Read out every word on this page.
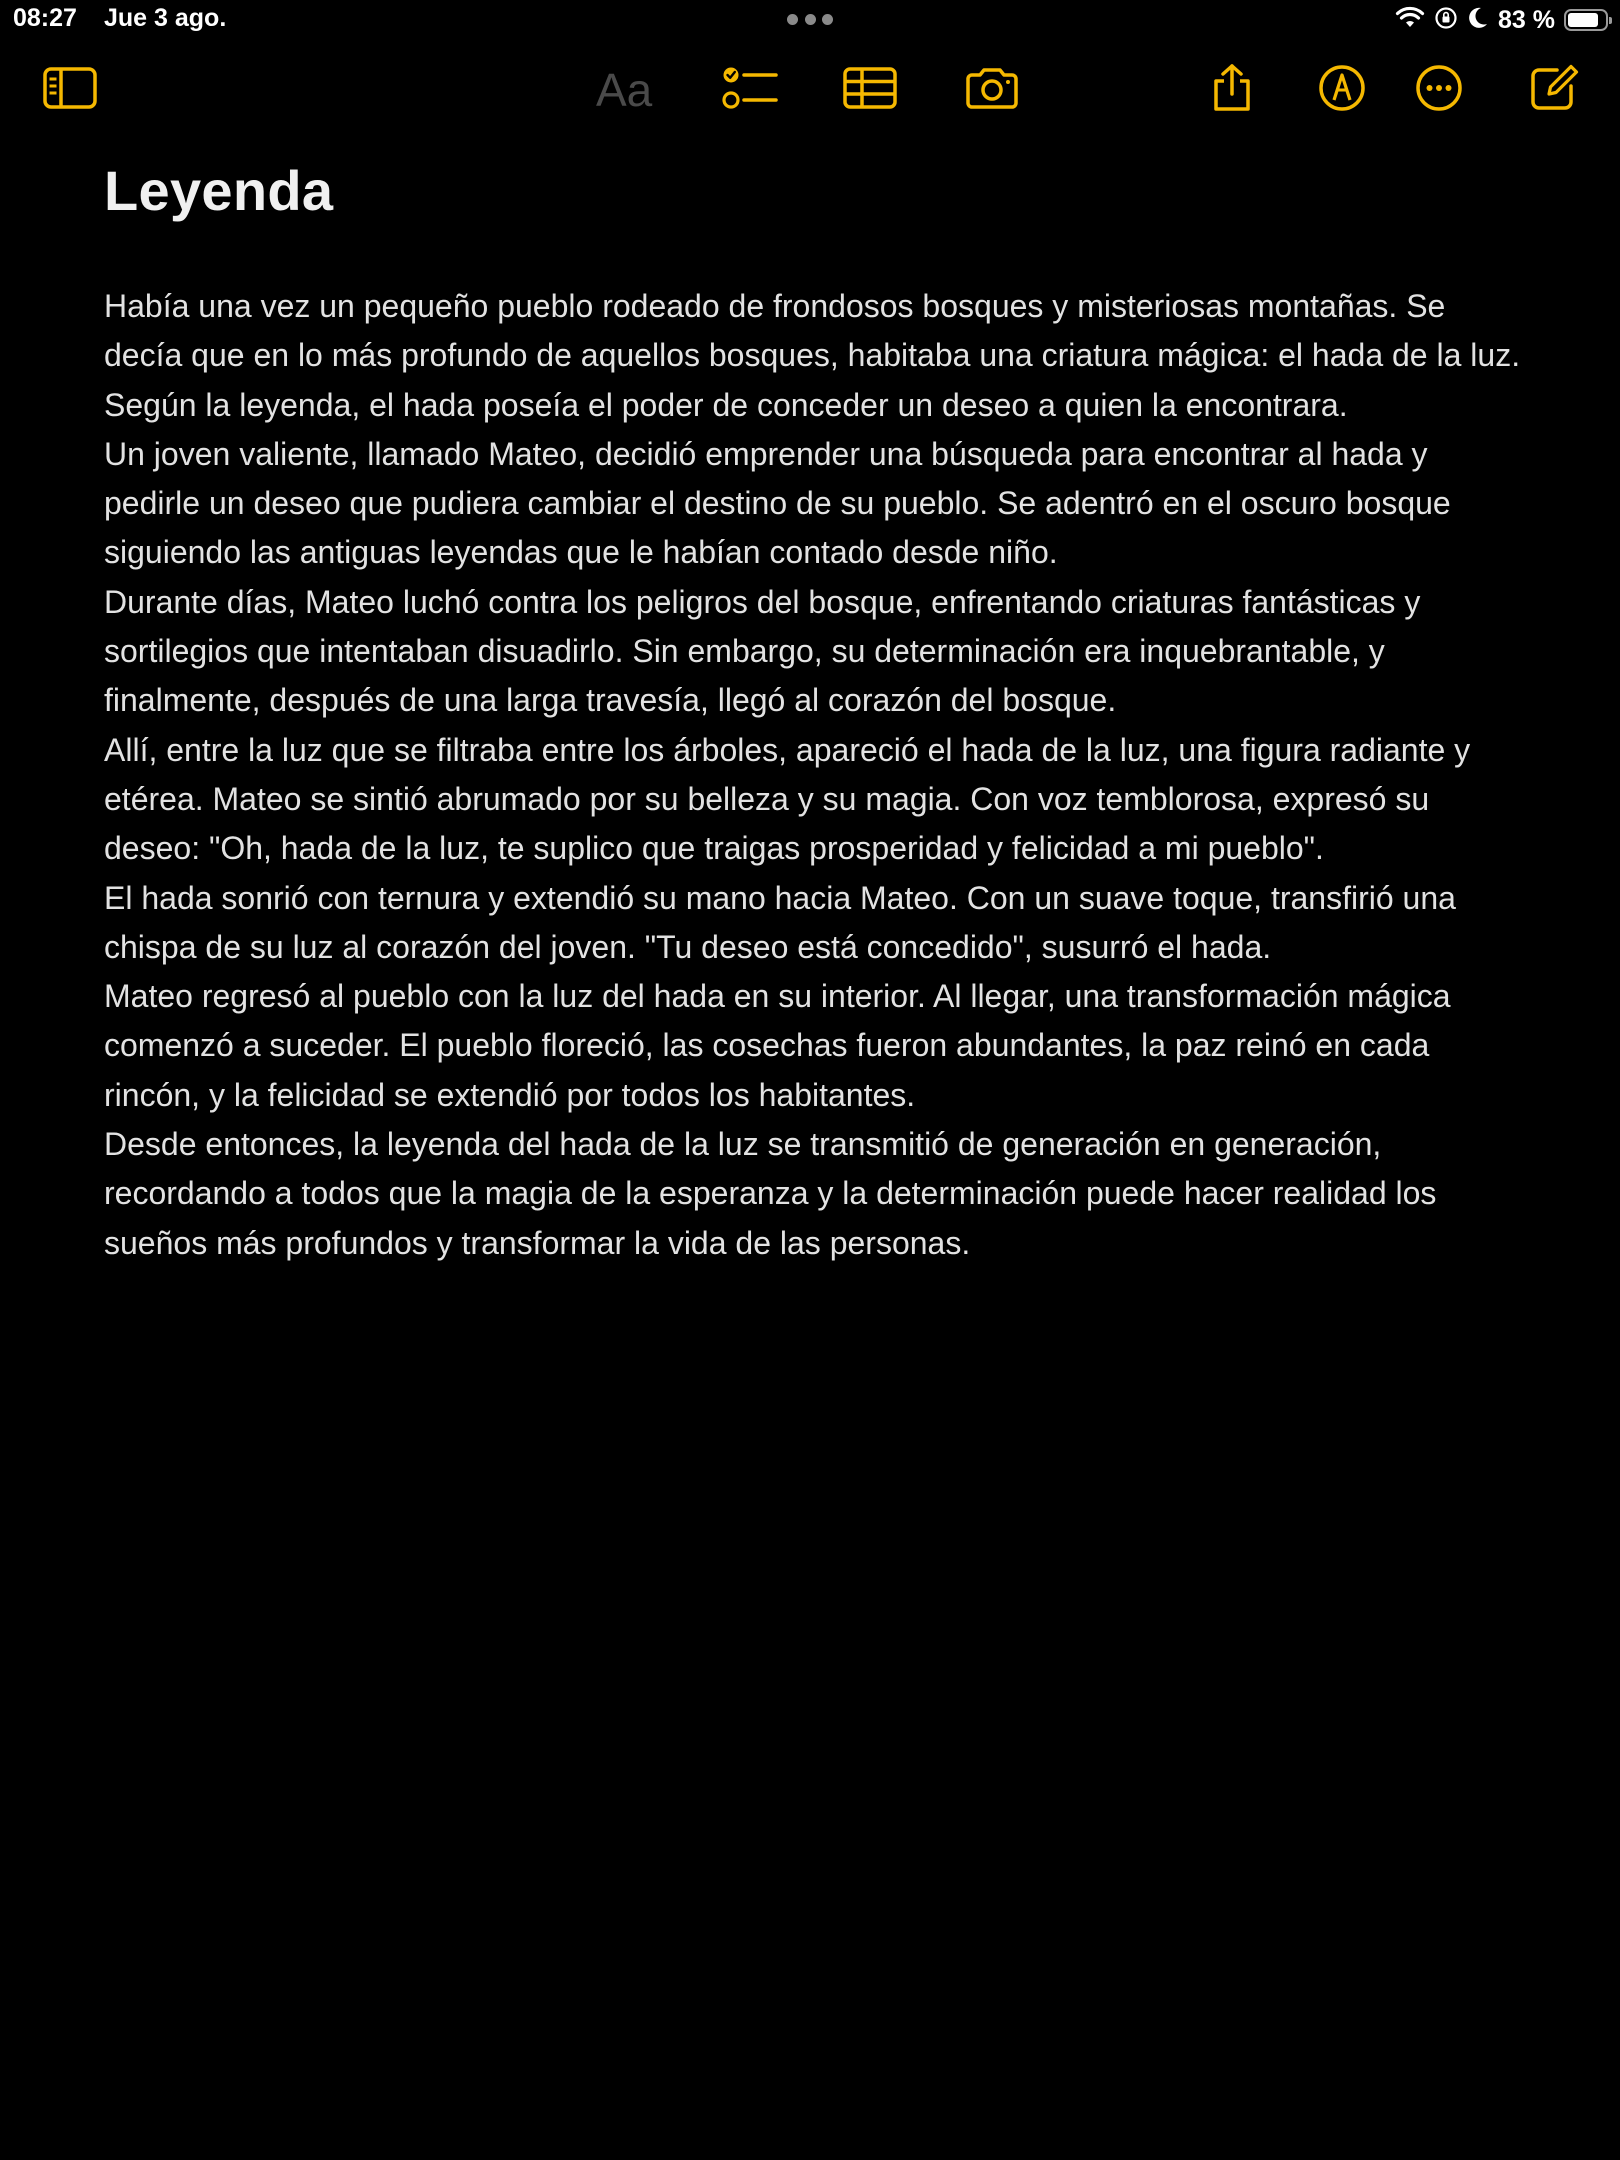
08:27 Jue 3 ago.	83 %
Aa
Leyenda

Había una vez un pequeño pueblo rodeado de frondosos bosques y misteriosas montañas. Se decía que en lo más profundo de aquellos bosques, habitaba una criatura mágica: el hada de la luz. Según la leyenda, el hada poseía el poder de conceder un deseo a quien la encontrara.

Un joven valiente, llamado Mateo, decidió emprender una búsqueda para encontrar al hada y pedirle un deseo que pudiera cambiar el destino de su pueblo. Se adentró en el oscuro bosque siguiendo las antiguas leyendas que le habían contado desde niño.

Durante días, Mateo luchó contra los peligros del bosque, enfrentando criaturas fantásticas y sortilegios que intentaban disuadirlo. Sin embargo, su determinación era inquebrantable, y finalmente, después de una larga travesía, llegó al corazón del bosque.

Allí, entre la luz que se filtraba entre los árboles, apareció el hada de la luz, una figura radiante y etérea. Mateo se sintió abrumado por su belleza y su magia. Con voz temblorosa, expresó su deseo: "Oh, hada de la luz, te suplico que traigas prosperidad y felicidad a mi pueblo".

El hada sonrió con ternura y extendió su mano hacia Mateo. Con un suave toque, transfirió una chispa de su luz al corazón del joven. "Tu deseo está concedido", susurró el hada.

Mateo regresó al pueblo con la luz del hada en su interior. Al llegar, una transformación mágica comenzó a suceder. El pueblo floreció, las cosechas fueron abundantes, la paz reinó en cada rincón, y la felicidad se extendió por todos los habitantes.

Desde entonces, la leyenda del hada de la luz se transmitió de generación en generación, recordando a todos que la magia de la esperanza y la determinación puede hacer realidad los sueños más profundos y transformar la vida de las personas.
